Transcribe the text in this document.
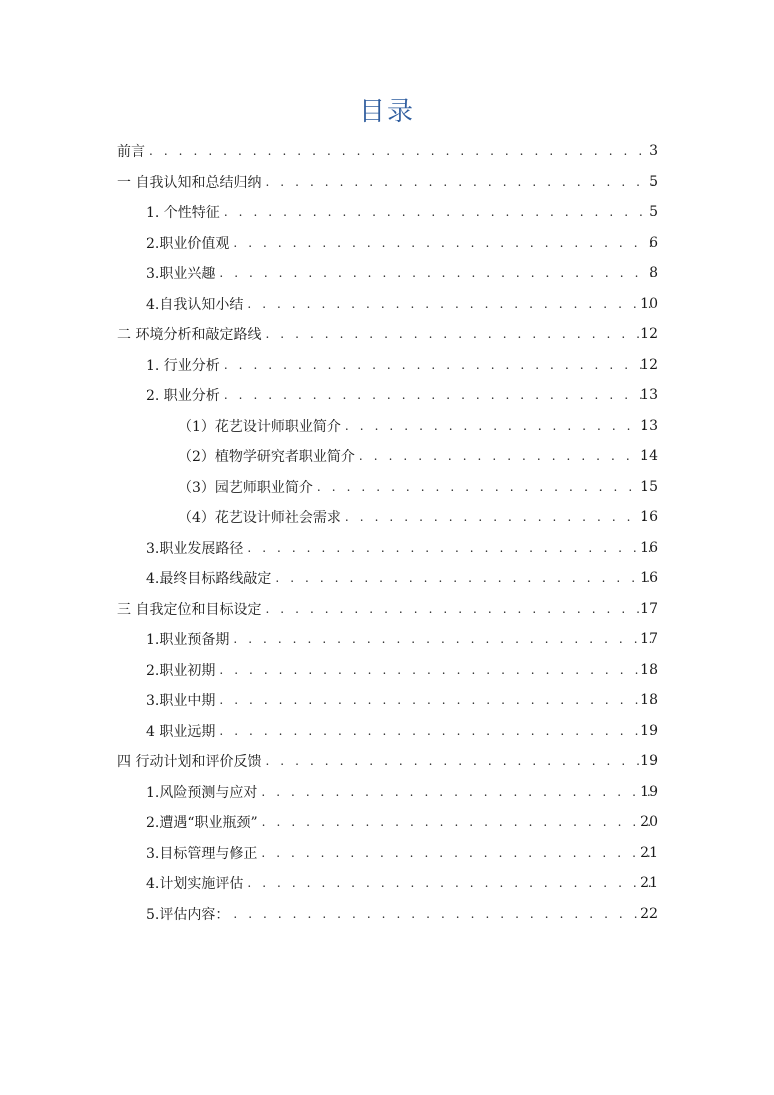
目录
前言 . . .	3
一 自我认知和总结归纳 . . .	5
1. 个性特征 . . .	5
2.职业价值观 . . .	6
3.职业兴趣 . . .	8
4.自我认知小结 . . .	10
二 环境分析和敲定路线 . . .	12
1. 行业分析 . . .	12
2. 职业分析 . . .	13
（1）花艺设计师职业简介 . . .	13
（2）植物学研究者职业简介 . . .	14
（3）园艺师职业简介 . . .	15
（4）花艺设计师社会需求 . . .	16
3.职业发展路径 . . .	16
4.最终目标路线敲定 . . .	16
三 自我定位和目标设定 . . .	17
1.职业预备期 . . .	17
2.职业初期 . . .	18
3.职业中期 . . .	18
4 职业远期 . . .	19
四 行动计划和评价反馈 . . .	19
1.风险预测与应对 . . .	19
2.遭遇“职业瓶颈” . . .	20
3.目标管理与修正 . . .	21
4.计划实施评估 . . .	21
5.评估内容： . . .	22
